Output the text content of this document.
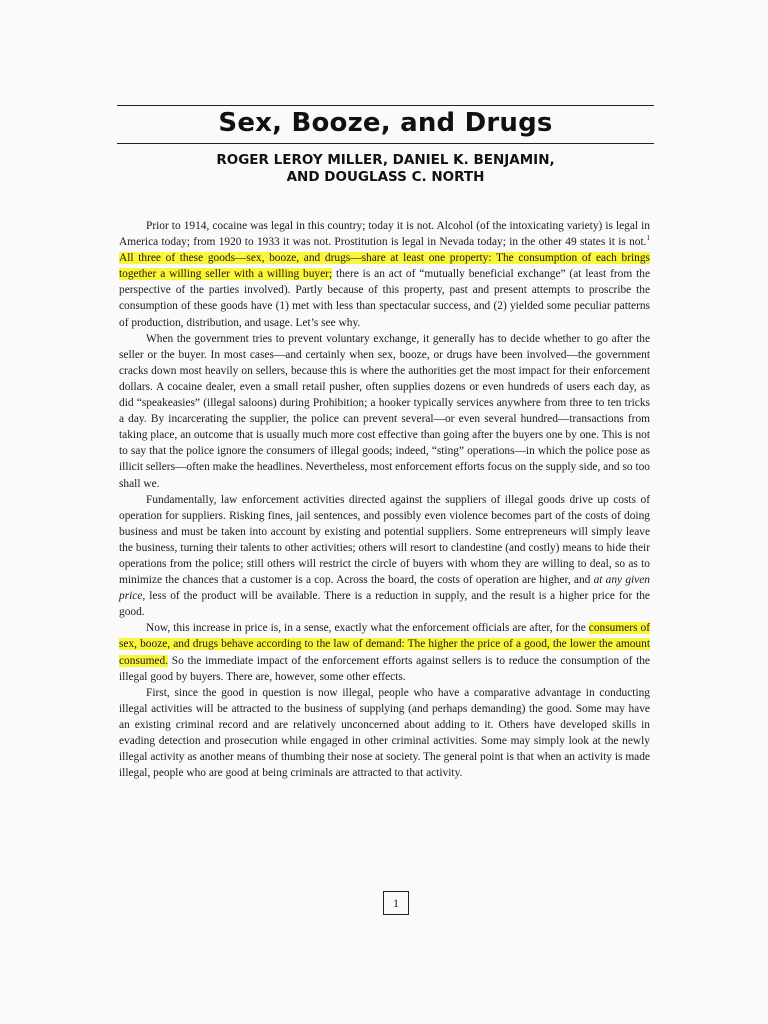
Sex, Booze, and Drugs
ROGER LEROY MILLER, DANIEL K. BENJAMIN,
AND DOUGLASS C. NORTH

Prior to 1914, cocaine was legal in this country; today it is not. Alcohol (of the intoxicating variety) is legal in America today; from 1920 to 1933 it was not. Prostitution is legal in Nevada today; in the other 49 states it is not.$^1$ All three of these goods—sex, booze, and drugs—share at least one property: The consumption of each brings together a willing seller with a willing buyer; there is an act of “mutually beneficial exchange” (at least from the perspective of the parties involved). Partly because of this property, past and present attempts to proscribe the consumption of these goods have (1) met with less than spectacular success, and (2) yielded some peculiar patterns of production, distribution, and usage. Let’s see why.

When the government tries to prevent voluntary exchange, it generally has to decide whether to go after the seller or the buyer. In most cases—and certainly when sex, booze, or drugs have been involved—the government cracks down most heavily on sellers, because this is where the authorities get the most impact for their enforcement dollars. A cocaine dealer, even a small retail pusher, often supplies dozens or even hundreds of users each day, as did “speakeasies” (illegal saloons) during Prohibition; a hooker typically services anywhere from three to ten tricks a day. By incarcerating the supplier, the police can prevent several—or even several hundred—transactions from taking place, an outcome that is usually much more cost effective than going after the buyers one by one. This is not to say that the police ignore the consumers of illegal goods; indeed, “sting” operations—in which the police pose as illicit sellers—often make the headlines. Nevertheless, most enforcement efforts focus on the supply side, and so too shall we.

Fundamentally, law enforcement activities directed against the suppliers of illegal goods drive up costs of operation for suppliers. Risking fines, jail sentences, and possibly even violence becomes part of the costs of doing business and must be taken into account by existing and potential suppliers. Some entrepreneurs will simply leave the business, turning their talents to other activities; others will resort to clandestine (and costly) means to hide their operations from the police; still others will restrict the circle of buyers with whom they are willing to deal, so as to minimize the chances that a customer is a cop. Across the board, the costs of operation are higher, and at any given price, less of the product will be available. There is a reduction in supply, and the result is a higher price for the good.

Now, this increase in price is, in a sense, exactly what the enforcement officials are after, for the consumers of sex, booze, and drugs behave according to the law of demand: The higher the price of a good, the lower the amount consumed. So the immediate impact of the enforcement efforts against sellers is to reduce the consumption of the illegal good by buyers. There are, however, some other effects.

First, since the good in question is now illegal, people who have a comparative advantage in conducting illegal activities will be attracted to the business of supplying (and perhaps demanding) the good. Some may have an existing criminal record and are relatively unconcerned about adding to it. Others have developed skills in evading detection and prosecution while engaged in other criminal activities. Some may simply look at the newly illegal activity as another means of thumbing their nose at society. The general point is that when an activity is made illegal, people who are good at being criminals are attracted to that activity.

1
